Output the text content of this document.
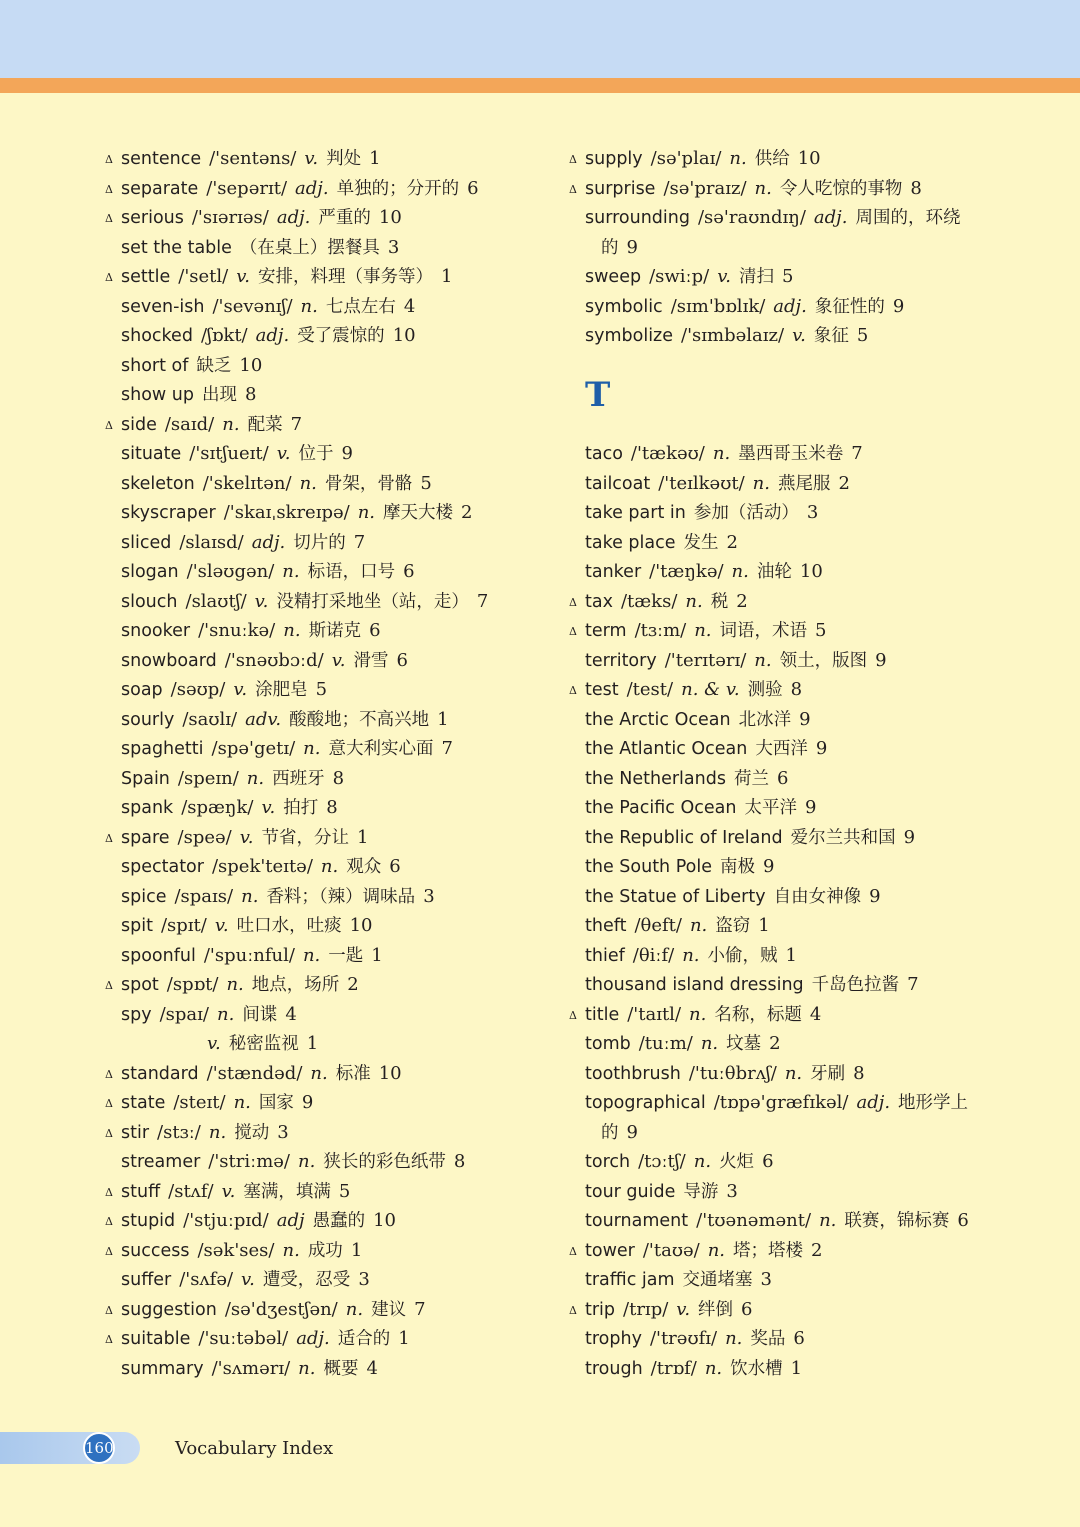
Δ sentence /'sentəns/ v. 判处 1
Δ separate /'sepərɪt/ adj. 单独的；分开的 6
Δ serious /'sɪərɪəs/ adj. 严重的 10
set the table （在桌上）摆餐具 3
Δ settle /'setl/ v. 安排，料理（事务等） 1
seven-ish /'sevənɪʃ/ n. 七点左右 4
shocked /ʃɒkt/ adj. 受了震惊的 10
short of 缺乏 10
show up 出现 8
Δ side /saɪd/ n. 配菜 7
situate /'sɪtʃueɪt/ v. 位于 9
skeleton /'skelɪtən/ n. 骨架，骨骼 5
skyscraper /'skaɪˌskreɪpə/ n. 摩天大楼 2
sliced /slaɪsd/ adj. 切片的 7
slogan /'sləʊgən/ n. 标语，口号 6
slouch /slaʊtʃ/ v. 没精打采地坐（站，走） 7
snooker /'snuːkə/ n. 斯诺克 6
snowboard /'snəʊbɔːd/ v. 滑雪 6
soap /səʊp/ v. 涂肥皂 5
sourly /saʊlɪ/ adv. 酸酸地；不高兴地 1
spaghetti /spə'getɪ/ n. 意大利实心面 7
Spain /speɪn/ n. 西班牙 8
spank /spæŋk/ v. 拍打 8
Δ spare /speə/ v. 节省，分让 1
spectator /spek'teɪtə/ n. 观众 6
spice /spaɪs/ n. 香料；（辣）调味品 3
spit /spɪt/ v. 吐口水，吐痰 10
spoonful /'spuːnful/ n. 一匙 1
Δ spot /spɒt/ n. 地点，场所 2
spy /spaɪ/ n. 间谍 4
v. 秘密监视 1
Δ standard /'stændəd/ n. 标准 10
Δ state /steɪt/ n. 国家 9
Δ stir /stɜː/ n. 搅动 3
streamer /'striːmə/ n. 狭长的彩色纸带 8
Δ stuff /stʌf/ v. 塞满，填满 5
Δ stupid /'stjuːpɪd/ adj 愚蠢的 10
Δ success /sək'ses/ n. 成功 1
suffer /'sʌfə/ v. 遭受，忍受 3
Δ suggestion /sə'dʒestʃən/ n. 建议 7
Δ suitable /'suːtəbəl/ adj. 适合的 1
summary /'sʌmərɪ/ n. 概要 4
Δ supply /sə'plaɪ/ n. 供给 10
Δ surprise /sə'praɪz/ n. 令人吃惊的事物 8
surrounding /sə'raʊndɪŋ/ adj. 周围的，环绕
的 9
sweep /swiːp/ v. 清扫 5
symbolic /sɪm'bɒlɪk/ adj. 象征性的 9
symbolize /'sɪmbəlaɪz/ v. 象征 5
T
taco /'tækəʊ/ n. 墨西哥玉米卷 7
tailcoat /'teɪlkəʊt/ n. 燕尾服 2
take part in 参加（活动） 3
take place 发生 2
tanker /'tæŋkə/ n. 油轮 10
Δ tax /tæks/ n. 税 2
Δ term /tɜːm/ n. 词语，术语 5
territory /'terɪtərɪ/ n. 领土，版图 9
Δ test /test/ n. & v. 测验 8
the Arctic Ocean 北冰洋 9
the Atlantic Ocean 大西洋 9
the Netherlands 荷兰 6
the Pacific Ocean 太平洋 9
the Republic of Ireland 爱尔兰共和国 9
the South Pole 南极 9
the Statue of Liberty 自由女神像 9
theft /θeft/ n. 盗窃 1
thief /θiːf/ n. 小偷，贼 1
thousand island dressing 千岛色拉酱 7
Δ title /'taɪtl/ n. 名称，标题 4
tomb /tuːm/ n. 坟墓 2
toothbrush /'tuːθbrʌʃ/ n. 牙刷 8
topographical /tɒpə'græfɪkəl/ adj. 地形学上
的 9
torch /tɔːtʃ/ n. 火炬 6
tour guide 导游 3
tournament /'tʊənəmənt/ n. 联赛，锦标赛 6
Δ tower /'taʊə/ n. 塔；塔楼 2
traffic jam 交通堵塞 3
Δ trip /trɪp/ v. 绊倒 6
trophy /'trəʊfɪ/ n. 奖品 6
trough /trɒf/ n. 饮水槽 1
160	Vocabulary Index
